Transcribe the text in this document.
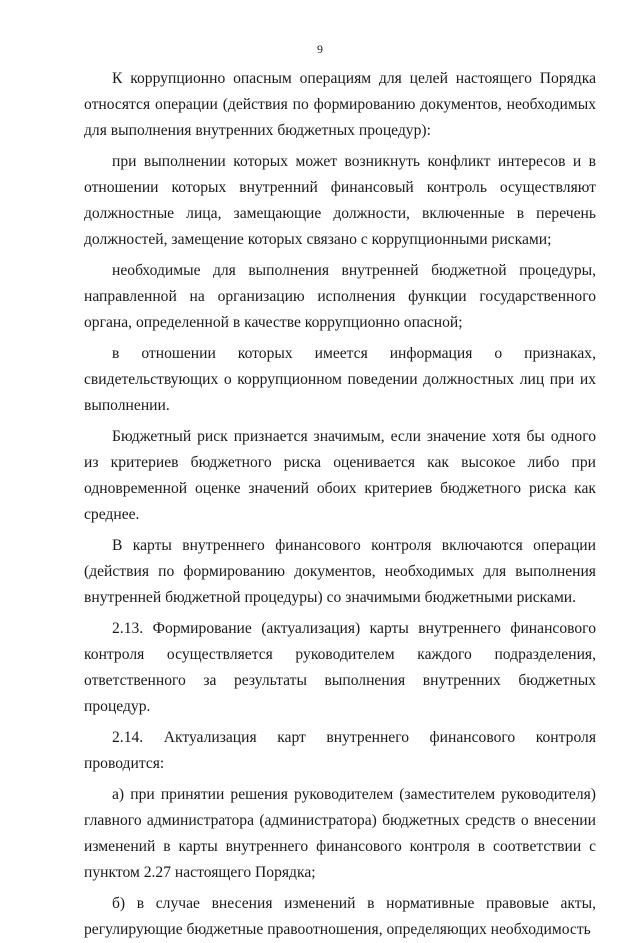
9

К коррупционно опасным операциям для целей настоящего Порядка относятся операции (действия по формированию документов, необходимых для выполнения внутренних бюджетных процедур):

при выполнении которых может возникнуть конфликт интересов и в отношении которых внутренний финансовый контроль осуществляют должностные лица, замещающие должности, включенные в перечень должностей, замещение которых связано с коррупционными рисками;

необходимые для выполнения внутренней бюджетной процедуры, направленной на организацию исполнения функции государственного органа, определенной в качестве коррупционно опасной;

в отношении которых имеется информация о признаках, свидетельствующих о коррупционном поведении должностных лиц при их выполнении.

Бюджетный риск признается значимым, если значение хотя бы одного из критериев бюджетного риска оценивается как высокое либо при одновременной оценке значений обоих критериев бюджетного риска как среднее.

В карты внутреннего финансового контроля включаются операции (действия по формированию документов, необходимых для выполнения внутренней бюджетной процедуры) со значимыми бюджетными рисками.

2.13. Формирование (актуализация) карты внутреннего финансового контроля осуществляется руководителем каждого подразделения, ответственного за результаты выполнения внутренних бюджетных процедур.

2.14. Актуализация карт внутреннего финансового контроля проводится:

а) при принятии решения руководителем (заместителем руководителя) главного администратора (администратора) бюджетных средств о внесении изменений в карты внутреннего финансового контроля в соответствии с пунктом 2.27 настоящего Порядка;

б) в случае внесения изменений в нормативные правовые акты, регулирующие бюджетные правоотношения, определяющих необходимость
